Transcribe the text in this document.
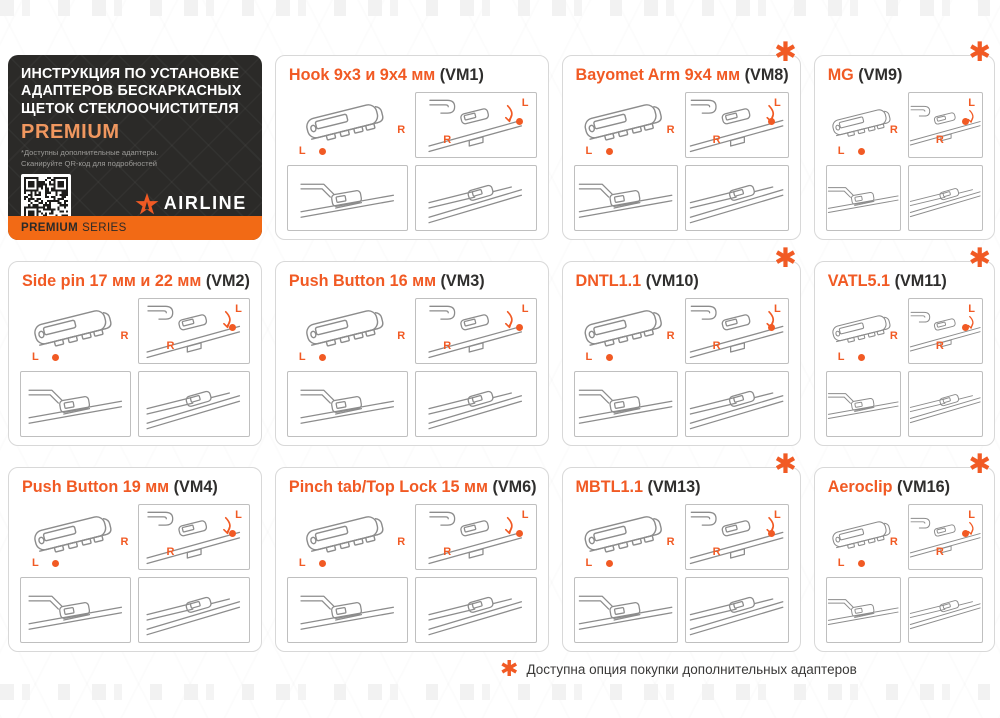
ИНСТРУКЦИЯ ПО УСТАНОВКЕ
АДАПТЕРОВ БЕСКАРКАСНЫХ
ЩЕТОК СТЕКЛООЧИСТИТЕЛЯ
PREMIUM
*Доступны дополнительные адаптеры.
Сканируйте QR-код для подробностей
AIRLINE
PREMIUM SERIES
Hook 9x3 и 9x4 мм (VM1)
R
L
R
L
✱
Bayomet Arm 9x4 мм (VM8)
R
L
R
L
✱
MG (VM9)
R
L
R
L
Side pin 17 мм и 22 мм (VM2)
R
L
R
L
Push Button 16 мм (VM3)
R
L
R
L
✱
DNTL1.1 (VM10)
R
L
R
L
✱
VATL5.1 (VM11)
R
L
R
L
Push Button 19 мм (VM4)
R
L
R
L
Pinch tab/Top Lock 15 мм (VM6)
R
L
R
L
✱
MBTL1.1 (VM13)
R
L
R
L
✱
Aeroclip (VM16)
R
L
R
L
✱ Доступна опция покупки дополнительных адаптеров
